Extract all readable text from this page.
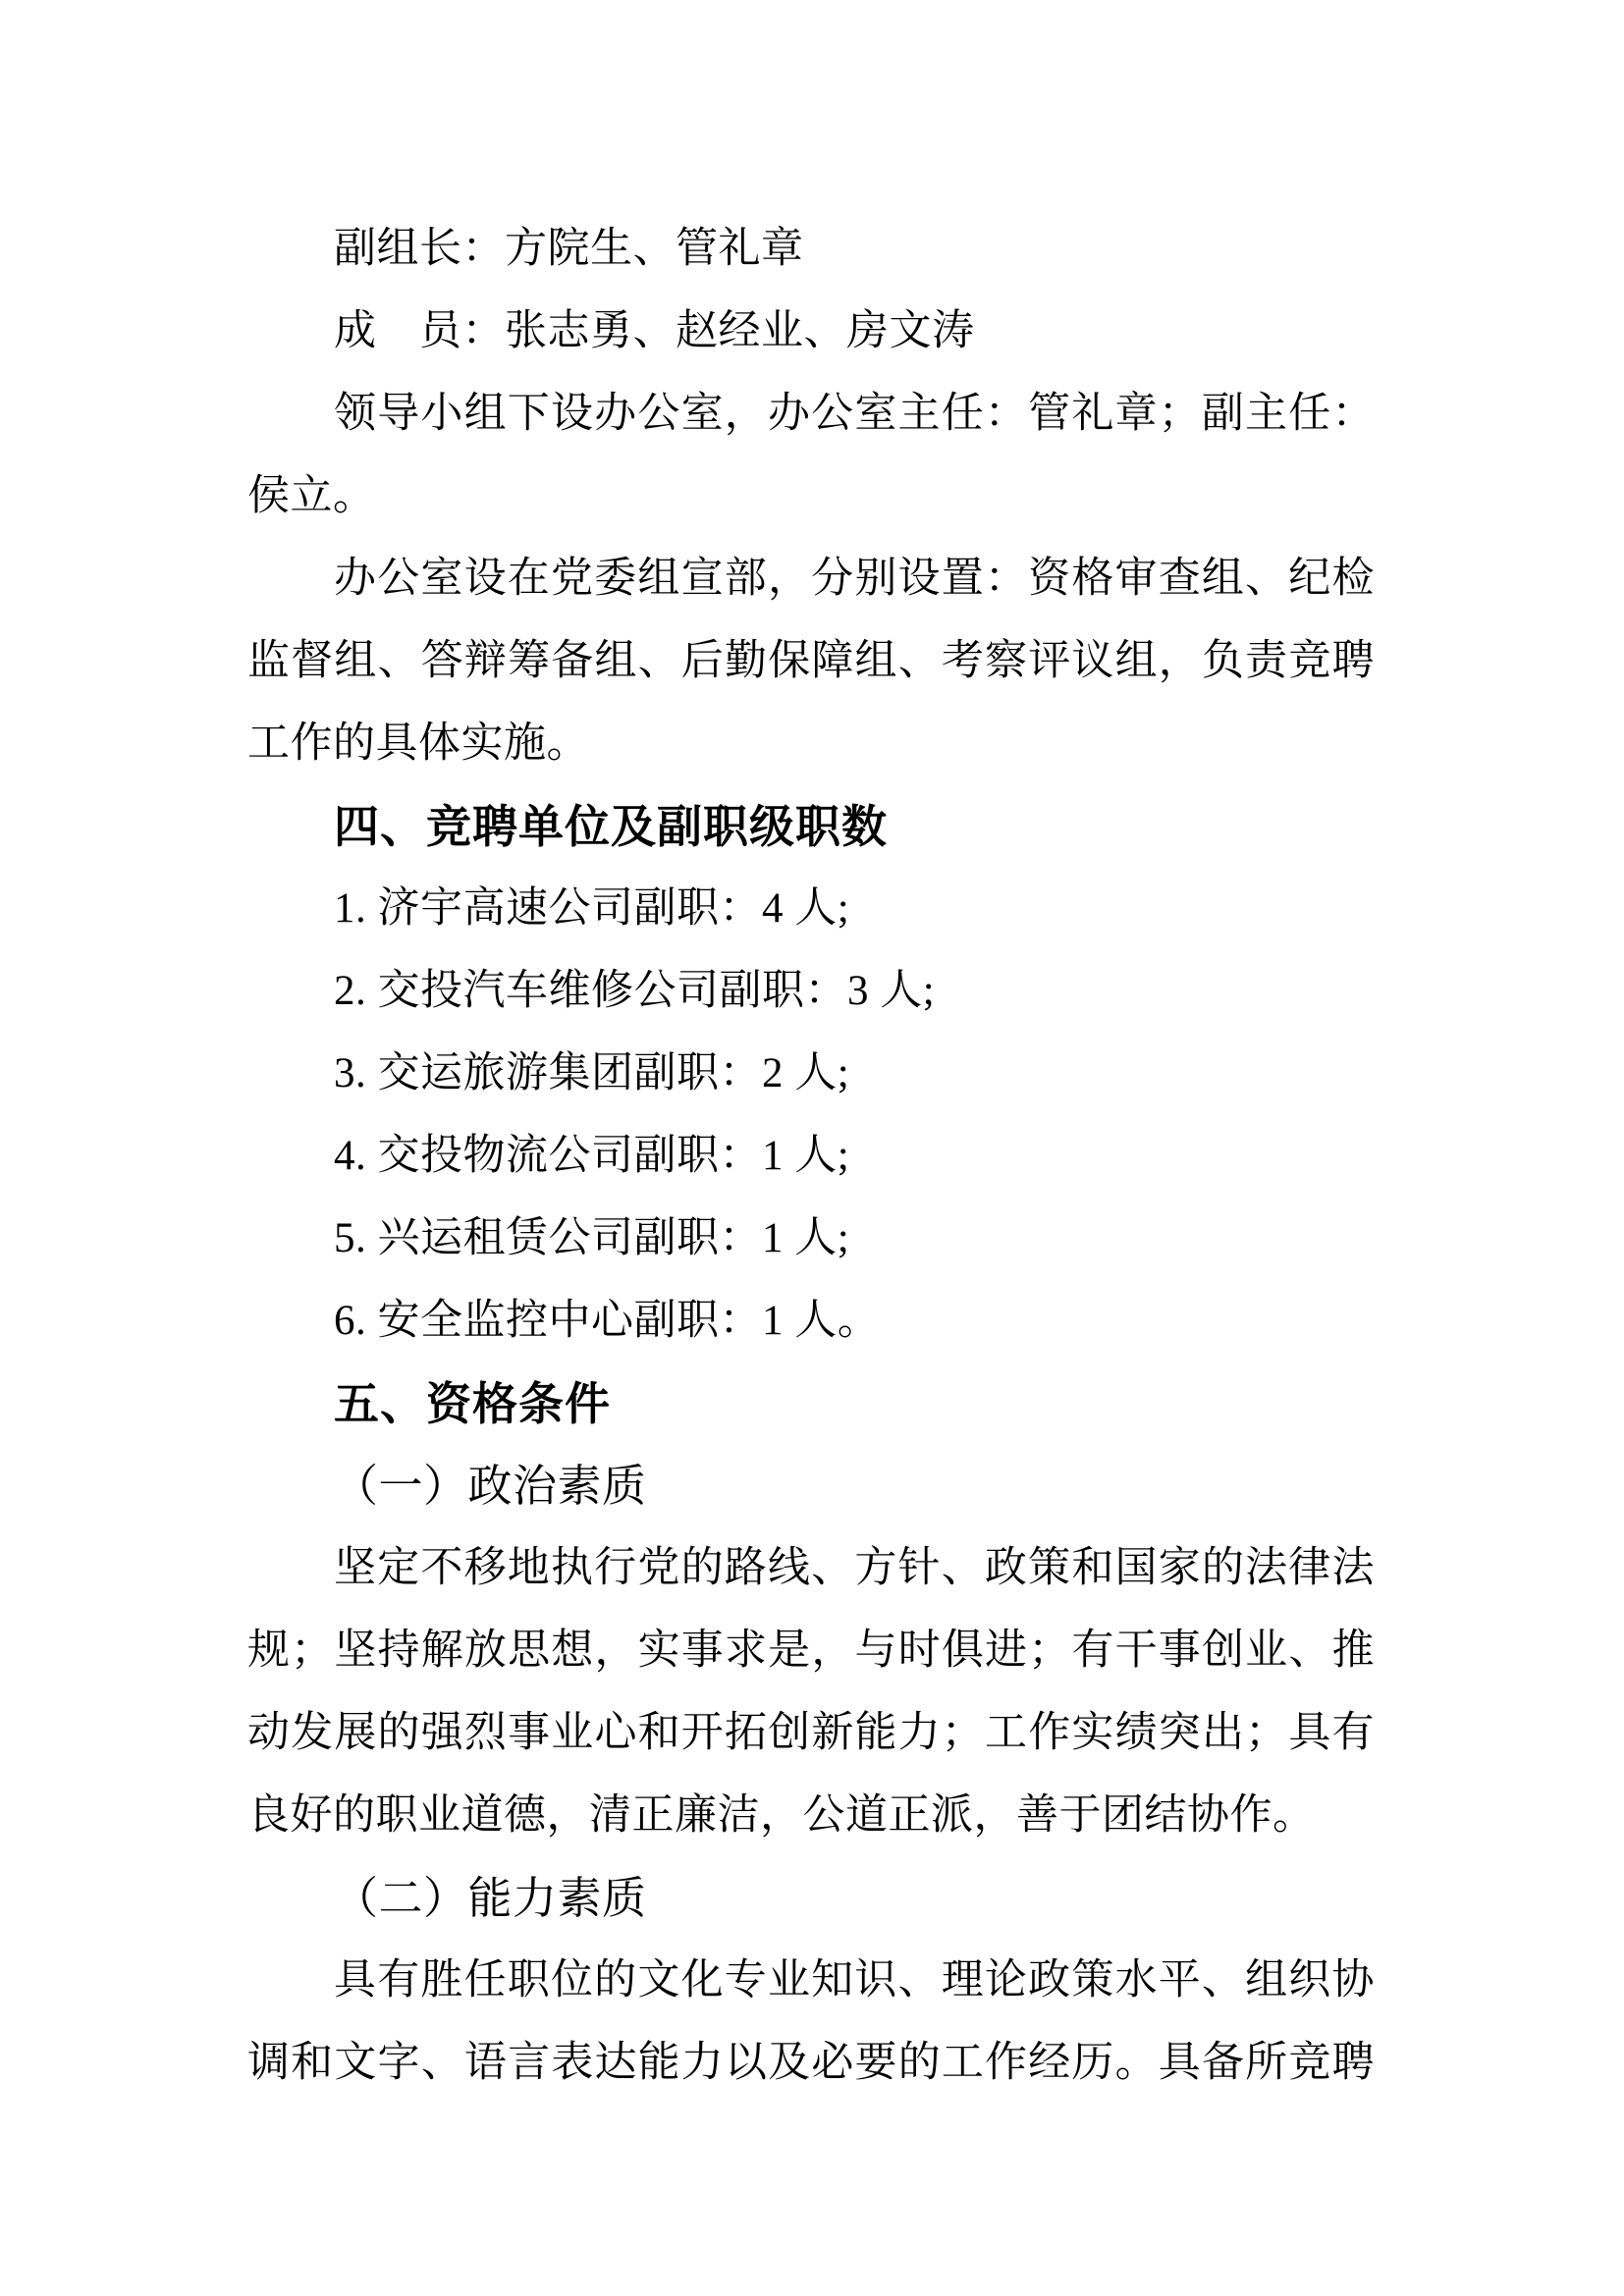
副组长：方院生、管礼章
成　员：张志勇、赵经业、房文涛
领导小组下设办公室，办公室主任：管礼章；副主任：
侯立。
办公室设在党委组宣部，分别设置：资格审查组、纪检
监督组、答辩筹备组、后勤保障组、考察评议组，负责竞聘
工作的具体实施。
四、竞聘单位及副职级职数
1. 济宇高速公司副职：4 人;
2. 交投汽车维修公司副职：3 人;
3. 交运旅游集团副职：2 人;
4. 交投物流公司副职：1 人;
5. 兴运租赁公司副职：1 人;
6. 安全监控中心副职：1 人。
五、资格条件
（一）政治素质
坚定不移地执行党的路线、方针、政策和国家的法律法
规；坚持解放思想，实事求是，与时俱进；有干事创业、推
动发展的强烈事业心和开拓创新能力；工作实绩突出；具有
良好的职业道德，清正廉洁，公道正派，善于团结协作。
（二）能力素质
具有胜任职位的文化专业知识、理论政策水平、组织协
调和文字、语言表达能力以及必要的工作经历。具备所竞聘
